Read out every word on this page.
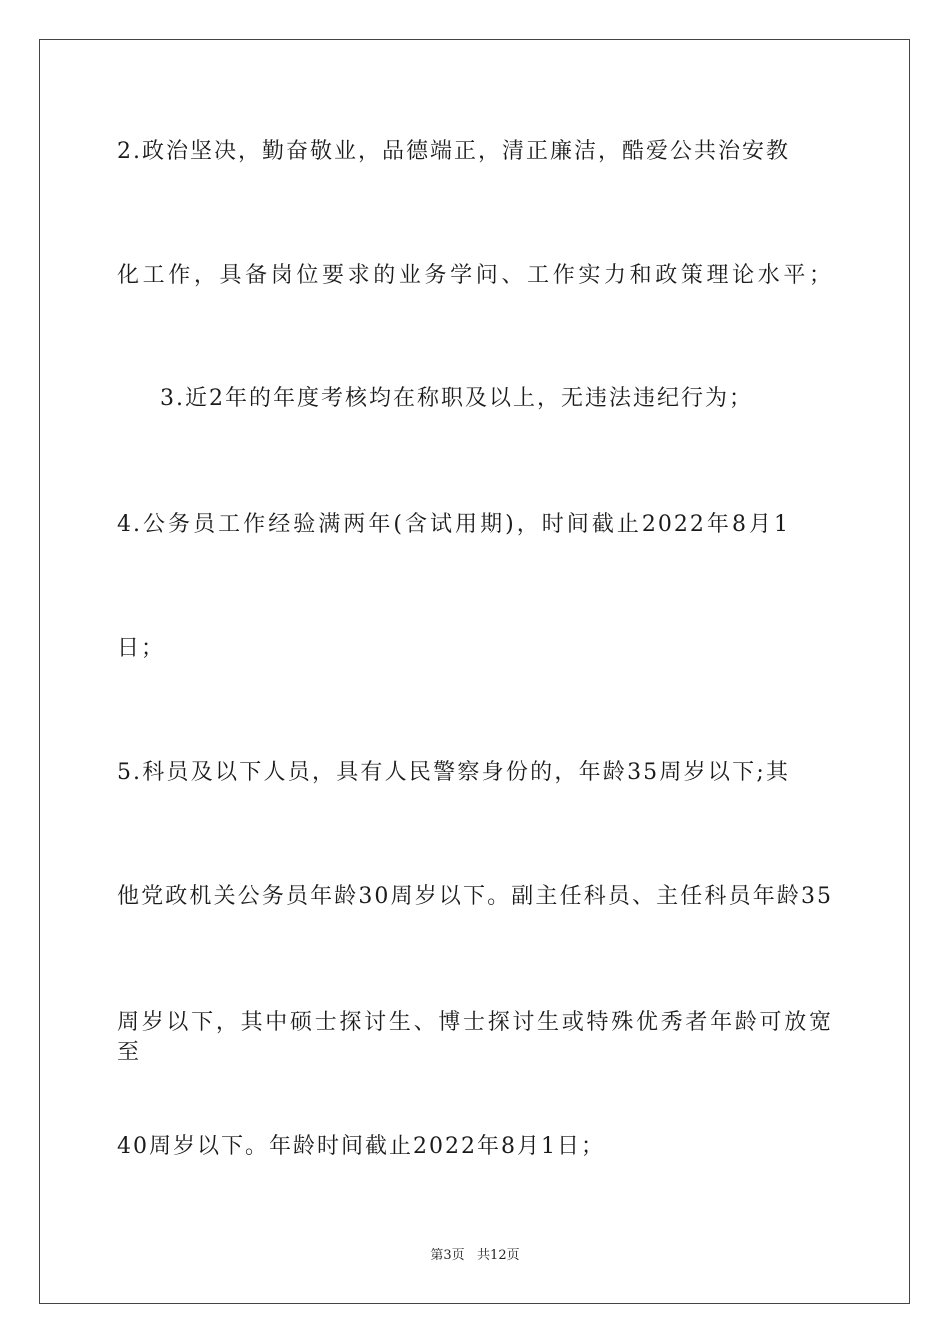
2.政治坚决，勤奋敬业，品德端正，清正廉洁，酷爱公共治安教
化工作，具备岗位要求的业务学问、工作实力和政策理论水平；
3.近2年的年度考核均在称职及以上，无违法违纪行为；
4.公务员工作经验满两年(含试用期)，时间截止2022年8月1
日；
5.科员及以下人员，具有人民警察身份的，年龄35周岁以下;其
他党政机关公务员年龄30周岁以下。副主任科员、主任科员年龄35
周岁以下，其中硕士探讨生、博士探讨生或特殊优秀者年龄可放宽至
40周岁以下。年龄时间截止2022年8月1日；
第3页   共12页
